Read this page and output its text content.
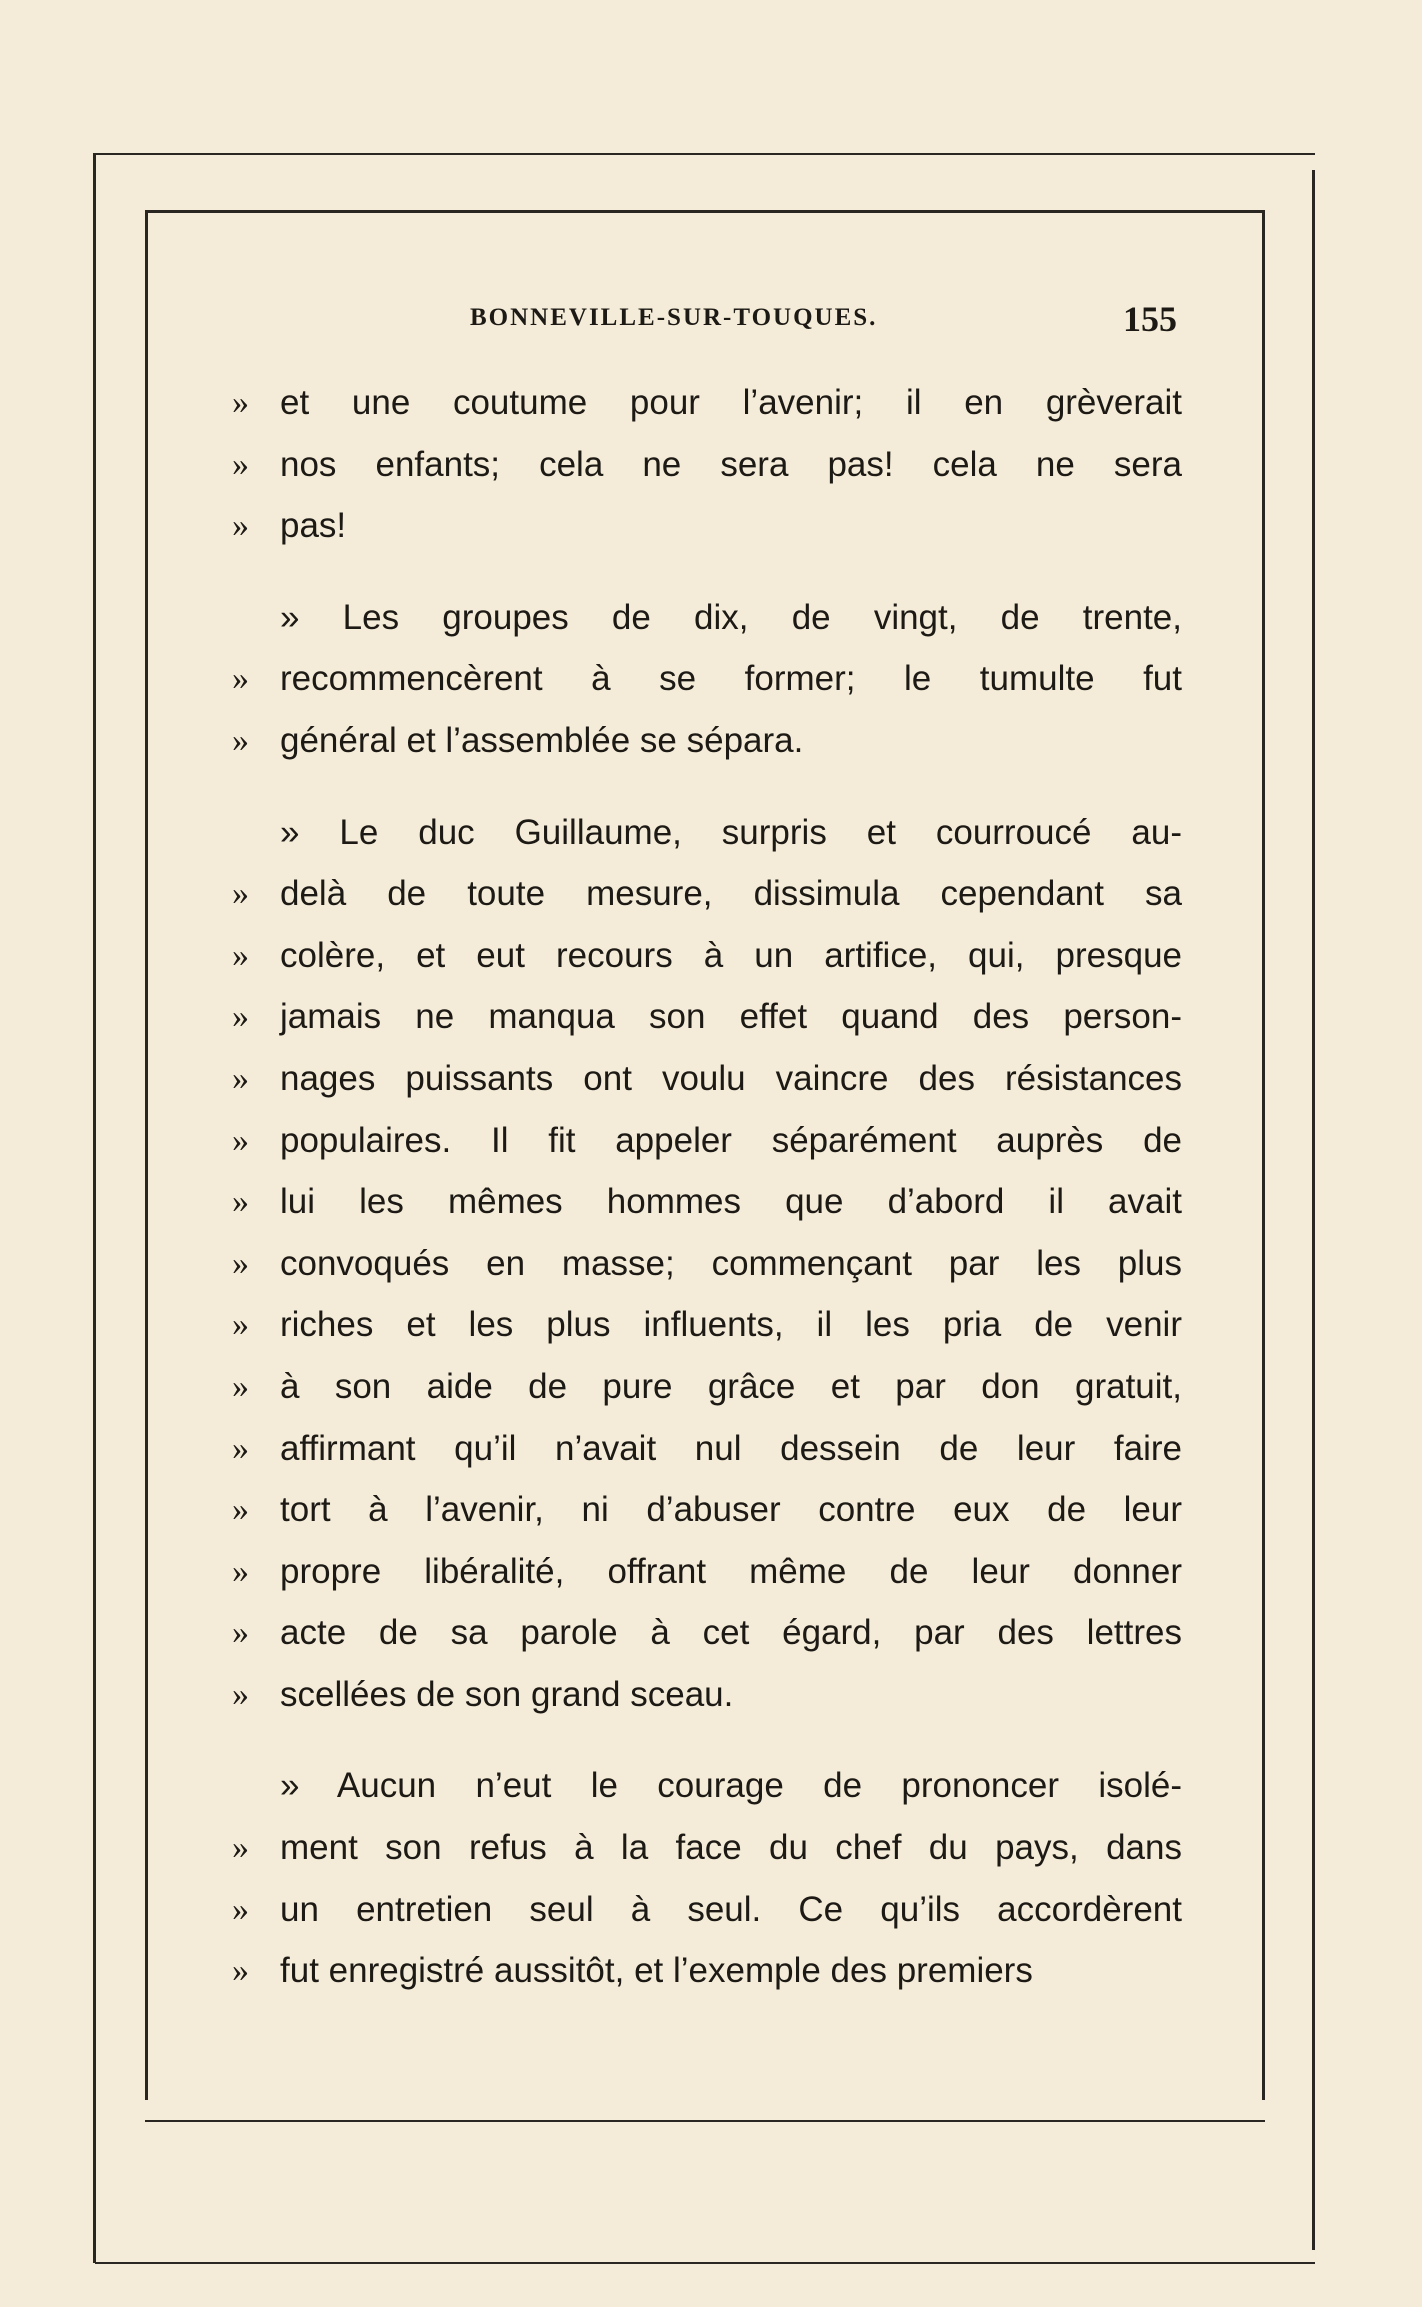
BONNEVILLE-SUR-TOUQUES.	155
» et une coutume pour l’avenir; il en grèverait
» nos enfants; cela ne sera pas! cela ne sera
» pas!
» Les groupes de dix, de vingt, de trente,
» recommencèrent à se former; le tumulte fut
» général et l’assemblée se sépara.
» Le duc Guillaume, surpris et courroucé au-
» delà de toute mesure, dissimula cependant sa
» colère, et eut recours à un artifice, qui, presque
» jamais ne manqua son effet quand des person-
» nages puissants ont voulu vaincre des résistances
» populaires. Il fit appeler séparément auprès de
» lui les mêmes hommes que d’abord il avait
» convoqués en masse; commençant par les plus
» riches et les plus influents, il les pria de venir
» à son aide de pure grâce et par don gratuit,
» affirmant qu’il n’avait nul dessein de leur faire
» tort à l’avenir, ni d’abuser contre eux de leur
» propre libéralité, offrant même de leur donner
» acte de sa parole à cet égard, par des lettres
» scellées de son grand sceau.
» Aucun n’eut le courage de prononcer isolé-
» ment son refus à la face du chef du pays, dans
» un entretien seul à seul. Ce qu’ils accordèrent
» fut enregistré aussitôt, et l’exemple des premiers
